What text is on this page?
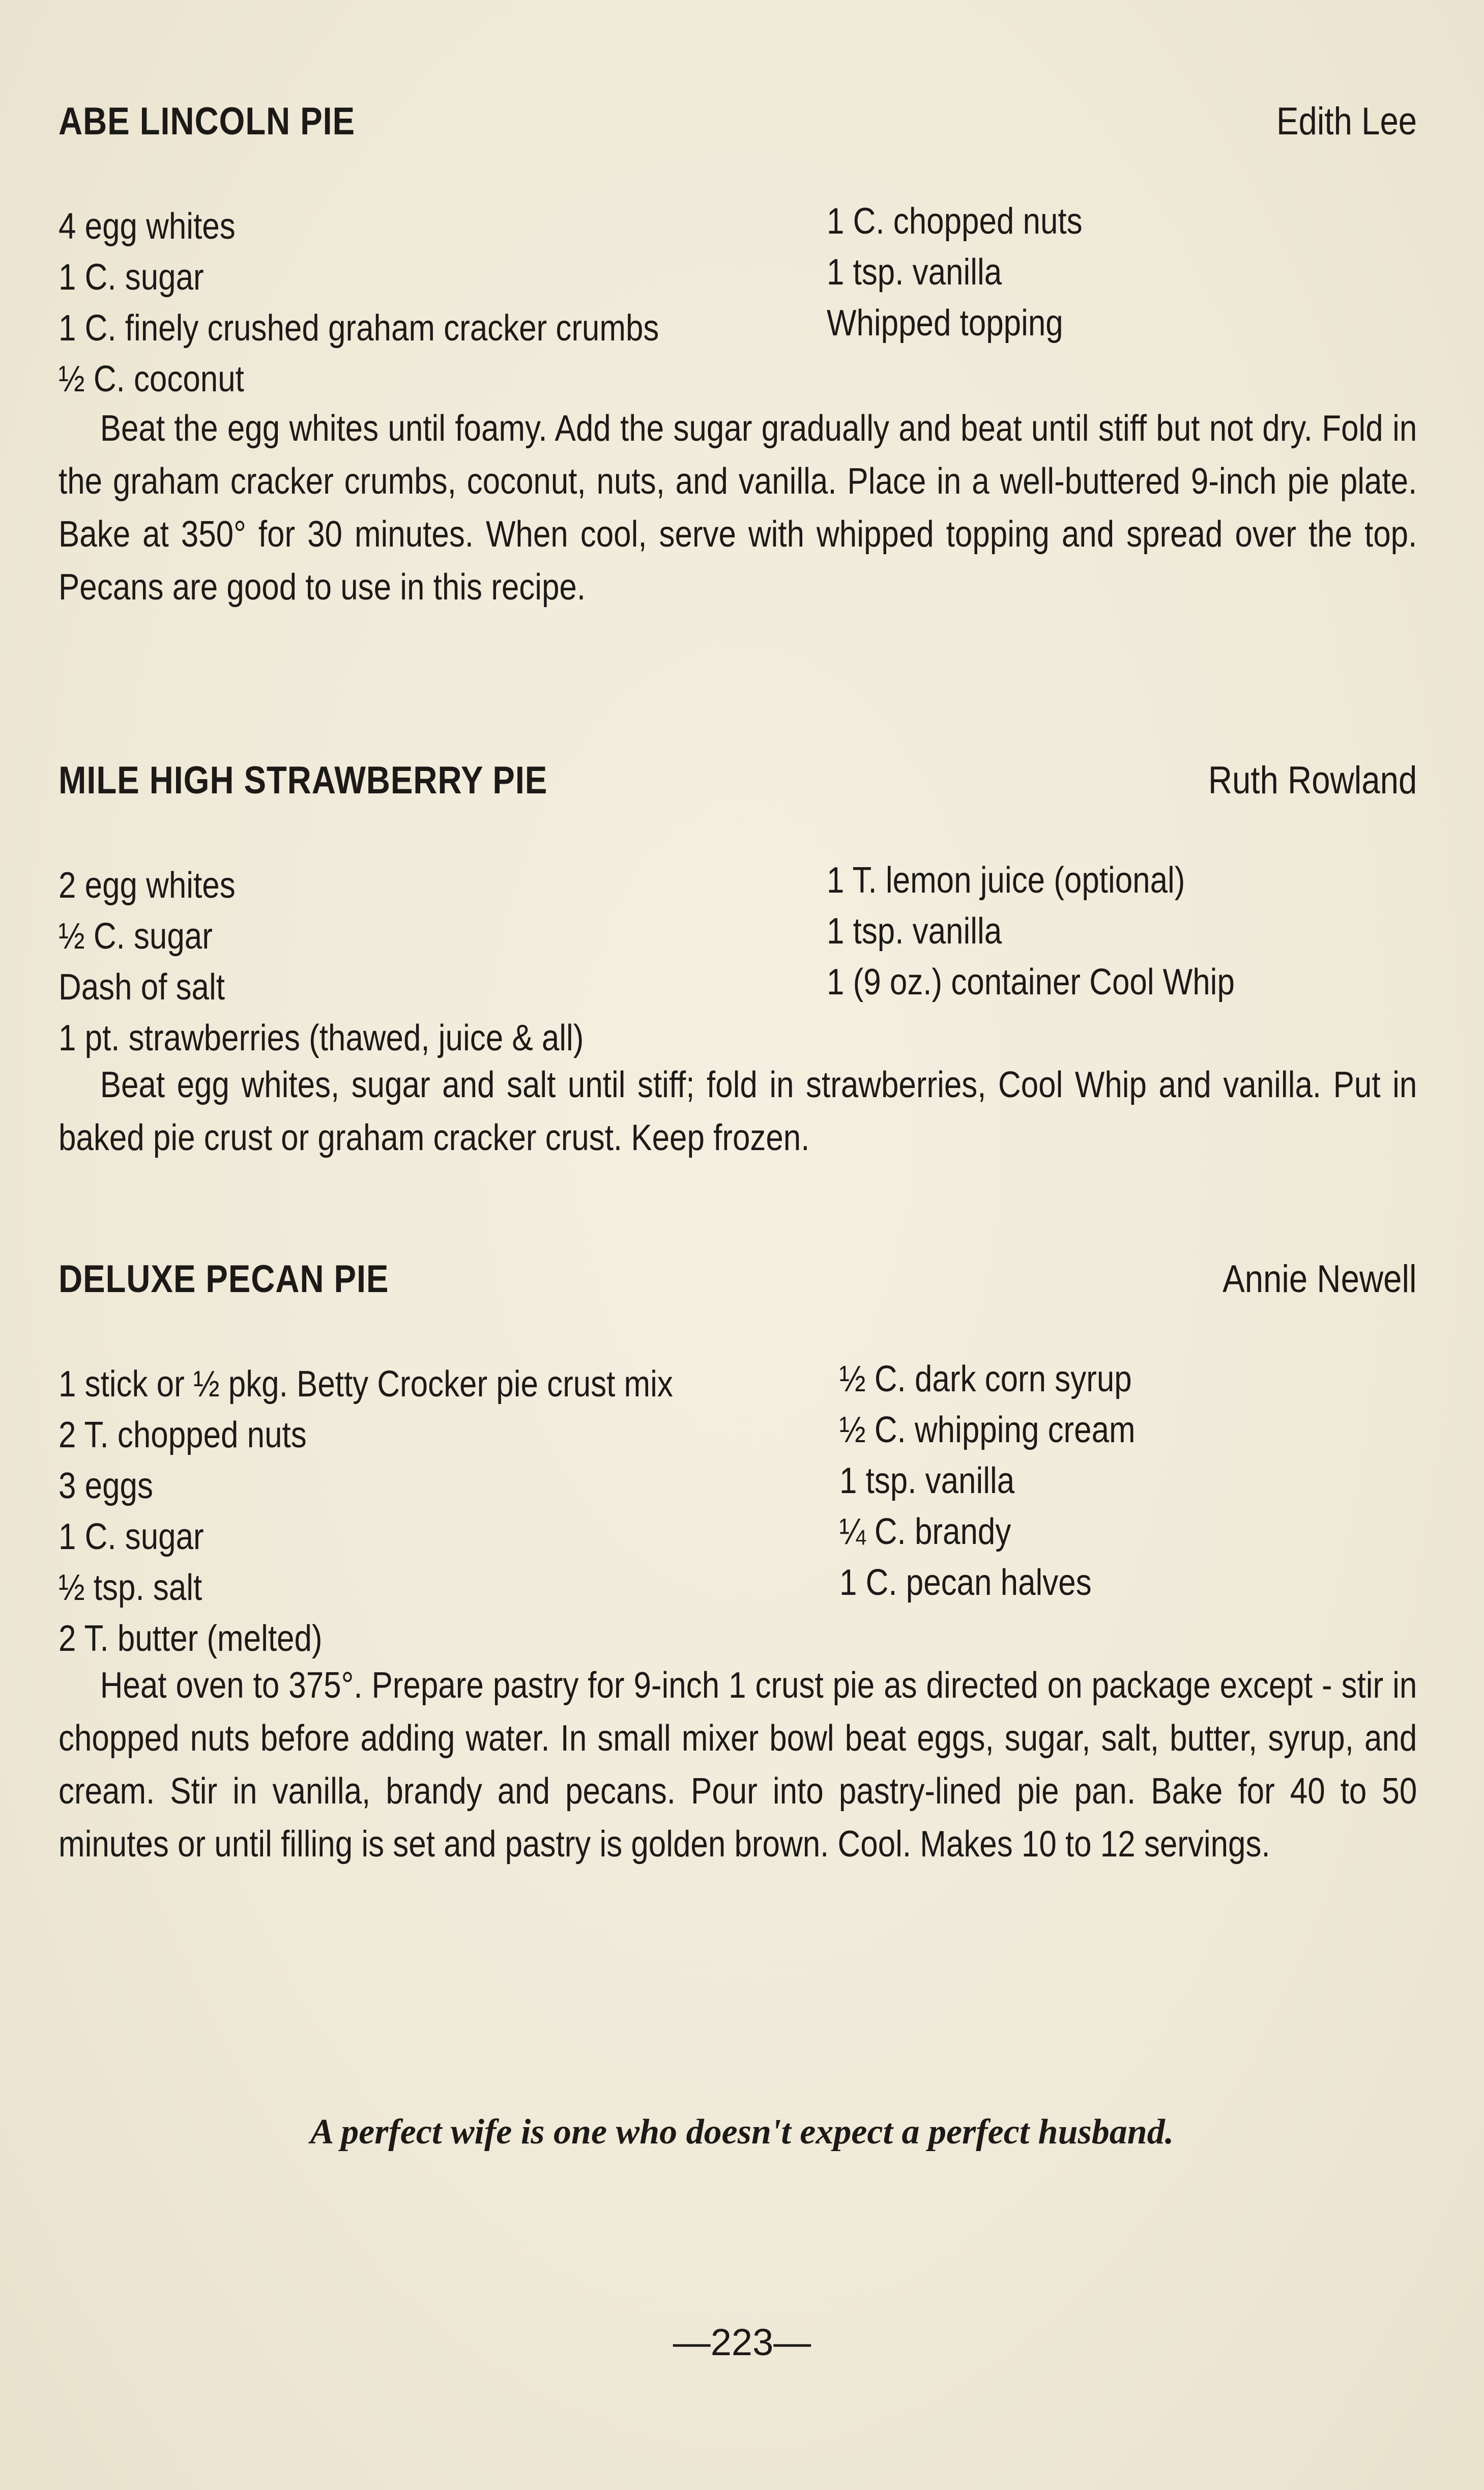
ABE LINCOLN PIE	Edith Lee
4 egg whites
1 C. sugar
1 C. finely crushed graham cracker crumbs
½ C. coconut
1 C. chopped nuts
1 tsp. vanilla
Whipped topping
Beat the egg whites until foamy. Add the sugar gradually and beat until stiff but not dry. Fold in the graham cracker crumbs, coconut, nuts, and vanilla. Place in a well-buttered 9-inch pie plate. Bake at 350° for 30 minutes. When cool, serve with whipped topping and spread over the top. Pecans are good to use in this recipe.
MILE HIGH STRAWBERRY PIE	Ruth Rowland
2 egg whites
½ C. sugar
Dash of salt
1 pt. strawberries (thawed, juice & all)
1 T. lemon juice (optional)
1 tsp. vanilla
1 (9 oz.) container Cool Whip
Beat egg whites, sugar and salt until stiff; fold in strawberries, Cool Whip and vanilla. Put in baked pie crust or graham cracker crust. Keep frozen.
DELUXE PECAN PIE	Annie Newell
1 stick or ½ pkg. Betty Crocker pie crust mix
2 T. chopped nuts
3 eggs
1 C. sugar
½ tsp. salt
2 T. butter (melted)
½ C. dark corn syrup
½ C. whipping cream
1 tsp. vanilla
¼ C. brandy
1 C. pecan halves
Heat oven to 375°. Prepare pastry for 9-inch 1 crust pie as directed on package except - stir in chopped nuts before adding water. In small mixer bowl beat eggs, sugar, salt, butter, syrup, and cream. Stir in vanilla, brandy and pecans. Pour into pastry-lined pie pan. Bake for 40 to 50 minutes or until filling is set and pastry is golden brown. Cool. Makes 10 to 12 servings.
A perfect wife is one who doesn't expect a perfect husband.
—223—
